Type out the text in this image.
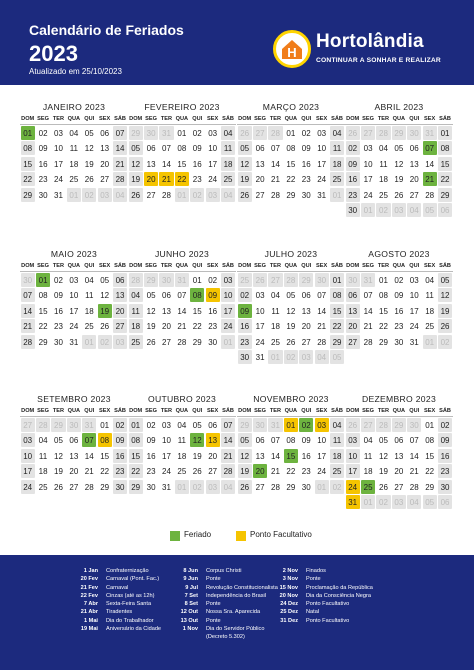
Calendário de Feriados
2023
Atualizado em 25/10/2023
H
Hortolândia
CONTINUAR A SONHAR E REALIZAR
JANEIRO 2023
DOM SEG TER QUA QUI SEX SÁB
01 02 03 04 05 06 07
08 09 10 11 12 13 14
15 16 17 18 19 20 21
22 23 24 25 26 27 28
29 30 31 01 02 03 04
FEVEREIRO 2023
DOM SEG TER QUA QUI SEX SÁB
29 30 31 01 02 03 04
05 06 07 08 09 10 11
12 13 14 15 16 17 18
19 20 21 22 23 24 25
26 27 28 01 02 03 04
MARÇO 2023
DOM SEG TER QUA QUI SEX SÁB
26 27 28 01 02 03 04
05 06 07 08 09 10 11
12 13 14 15 16 17 18
19 20 21 22 23 24 25
26 27 28 29 30 31 01
ABRIL 2023
DOM SEG TER QUA QUI SEX SÁB
26 27 28 29 30 31 01
02 03 04 05 06 07 08
09 10 11 12 13 14 15
16 17 18 19 20 21 22
23 24 25 26 27 28 29
30 01 02 03 04 05 06
MAIO 2023
DOM SEG TER QUA QUI SEX SÁB
30 01 02 03 04 05 06
07 08 09 10 11 12 13
14 15 16 17 18 19 20
21 22 23 24 25 26 27
28 29 30 31 01 02 03
JUNHO 2023
DOM SEG TER QUA QUI SEX SÁB
28 29 30 31 01 02 03
04 05 06 07 08 09 10
11 12 13 14 15 16 17
18 19 20 21 22 23 24
25 26 27 28 29 30 01
JULHO 2023
DOM SEG TER QUA QUI SEX SÁB
25 26 27 28 29 30 01
02 03 04 05 06 07 08
09 10 11 12 13 14 15
16 17 18 19 20 21 22
23 24 25 26 27 28 29
30 31 01 02 03 04 05
AGOSTO 2023
DOM SEG TER QUA QUI SEX SÁB
30 31 01 02 03 04 05
06 07 08 09 10 11 12
13 14 15 16 17 18 19
20 21 22 23 24 25 26
27 28 29 30 31 01 02
SETEMBRO 2023
DOM SEG TER QUA QUI SEX SÁB
27 28 29 30 31 01 02
03 04 05 06 07 08 09
10 11 12 13 14 15 16
17 18 19 20 21 22 23
24 25 26 27 28 29 30
OUTUBRO 2023
DOM SEG TER QUA QUI SEX SÁB
01 02 03 04 05 06 07
08 09 10 11 12 13 14
15 16 17 18 19 20 21
22 23 24 25 26 27 28
29 30 31 01 02 03 04
NOVEMBRO 2023
DOM SEG TER QUA QUI SEX SÁB
29 30 31 01 02 03 04
05 06 07 08 09 10 11
12 13 14 15 16 17 18
19 20 21 22 23 24 25
26 27 28 29 30 01 02
DEZEMBRO 2023
DOM SEG TER QUA QUI SEX SÁB
26 27 28 29 30 01 02
03 04 05 06 07 08 09
10 11 12 13 14 15 16
17 18 19 20 21 22 23
24 25 26 27 28 29 30
31 01 02 03 04 05 06
Feriado	Ponto Facultativo
1 Jan Confraternização
20 Fev Carnaval (Pont. Fac.)
21 Fev Carnaval
22 Fev Cinzas (até as 12h)
7 Abr Sexta-Feira Santa
21 Abr Tiradentes
1 Mai Dia do Trabalhador
19 Mai Aniversário da Cidade
8 Jun Corpus Christi
9 Jun Ponte
9 Jul Revolução Constitucionalista
7 Set Independência do Brasil
8 Set Ponte
12 Out Nossa Sra. Aparecida
13 Out Ponte
1 Nov Dia do Servidor Público
(Decreto 5.302)
2 Nov Finados
3 Nov Ponte
15 Nov Proclamação da República
20 Nov Dia da Consciência Negra
24 Dez Ponto Facultativo
25 Dez Natal
31 Dez Ponto Facultativo
